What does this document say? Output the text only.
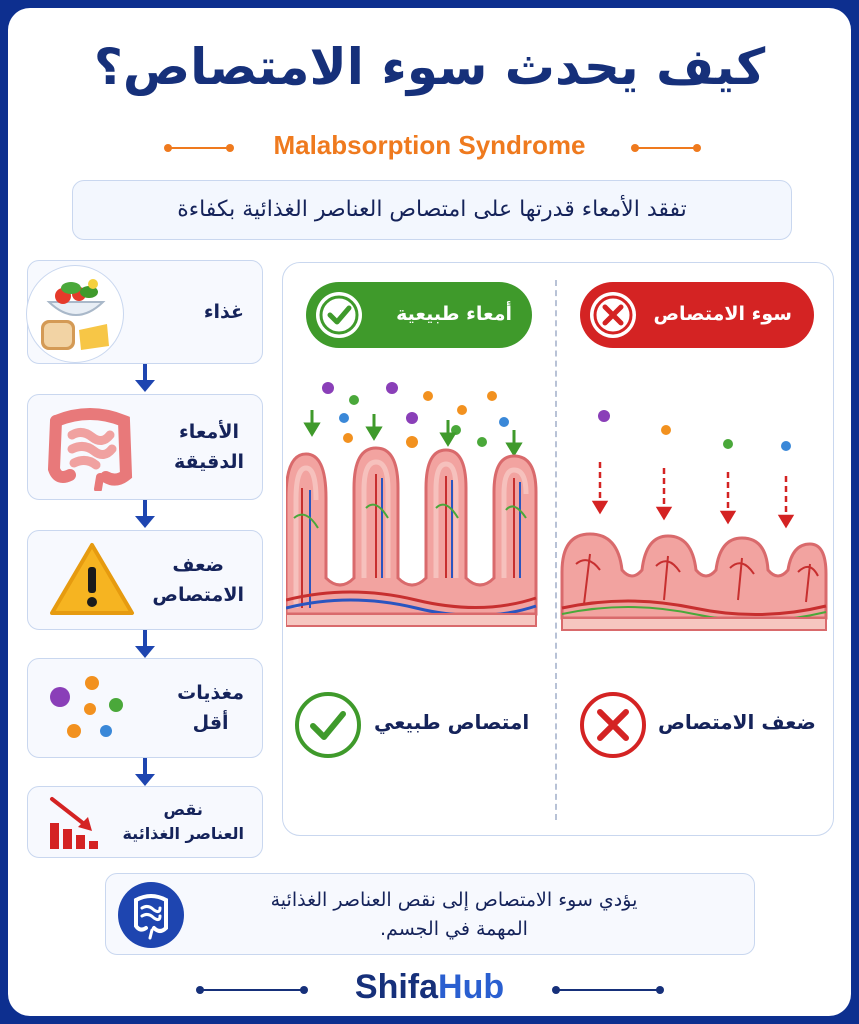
كيف يحدث سوء الامتصاص؟
Malabsorption Syndrome
تفقد الأمعاء قدرتها على امتصاص العناصر الغذائية بكفاءة
غذاء
الأمعاء
الدقيقة
ضعف
الامتصاص
مغذيات
أقل
نقص
العناصر الغذائية
أمعاء طبيعية	سوء الامتصاص
امتصاص طبيعي	ضعف الامتصاص
يؤدي سوء الامتصاص إلى نقص العناصر الغذائية
المهمة في الجسم.
ShifaHub
